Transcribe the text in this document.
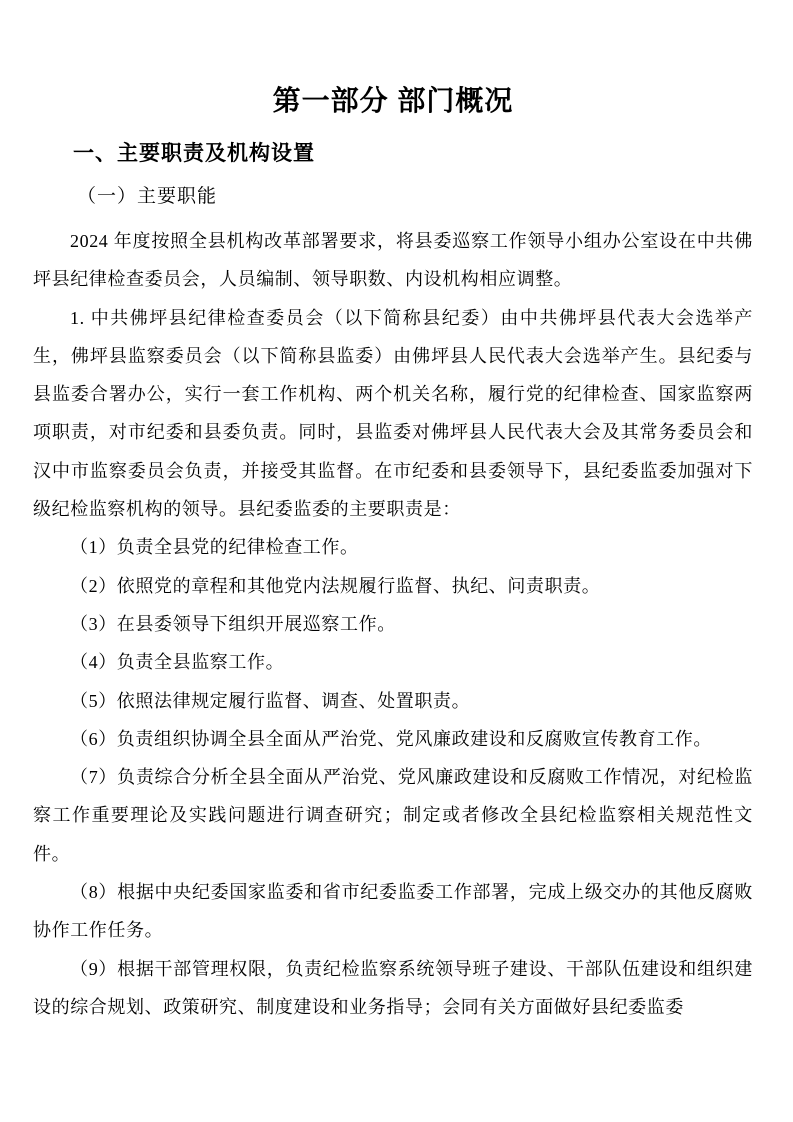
第一部分 部门概况
一、主要职责及机构设置
（一）主要职能

2024 年度按照全县机构改革部署要求，将县委巡察工作领导小组办公室设在中共佛坪县纪律检查委员会，人员编制、领导职数、内设机构相应调整。

1. 中共佛坪县纪律检查委员会（以下简称县纪委）由中共佛坪县代表大会选举产生，佛坪县监察委员会（以下简称县监委）由佛坪县人民代表大会选举产生。县纪委与县监委合署办公，实行一套工作机构、两个机关名称，履行党的纪律检查、国家监察两项职责，对市纪委和县委负责。同时，县监委对佛坪县人民代表大会及其常务委员会和汉中市监察委员会负责，并接受其监督。在市纪委和县委领导下，县纪委监委加强对下级纪检监察机构的领导。县纪委监委的主要职责是：

（1）负责全县党的纪律检查工作。

（2）依照党的章程和其他党内法规履行监督、执纪、问责职责。

（3）在县委领导下组织开展巡察工作。

（4）负责全县监察工作。

（5）依照法律规定履行监督、调查、处置职责。

（6）负责组织协调全县全面从严治党、党风廉政建设和反腐败宣传教育工作。

（7）负责综合分析全县全面从严治党、党风廉政建设和反腐败工作情况，对纪检监察工作重要理论及实践问题进行调查研究；制定或者修改全县纪检监察相关规范性文件。

（8）根据中央纪委国家监委和省市纪委监委工作部署，完成上级交办的其他反腐败协作工作任务。

（9）根据干部管理权限，负责纪检监察系统领导班子建设、干部队伍建设和组织建设的综合规划、政策研究、制度建设和业务指导；会同有关方面做好县纪委监委
